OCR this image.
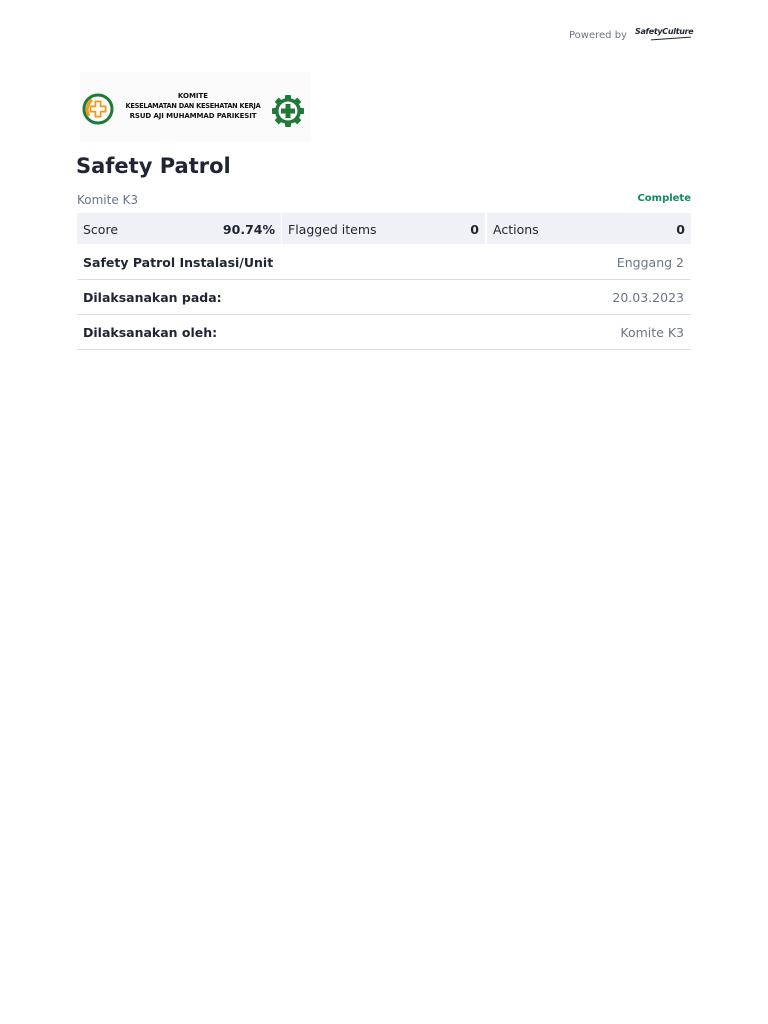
Powered by SafetyCulture
KOMITE
KESELAMATAN DAN KESEHATAN KERJA
RSUD AJI MUHAMMAD PARIKESIT
Safety Patrol
Komite K3	Complete
Score	90.74% Flagged items	0 Actions	0
Safety Patrol Instalasi/Unit	Enggang 2
Dilaksanakan pada:	20.03.2023
Dilaksanakan oleh:	Komite K3
